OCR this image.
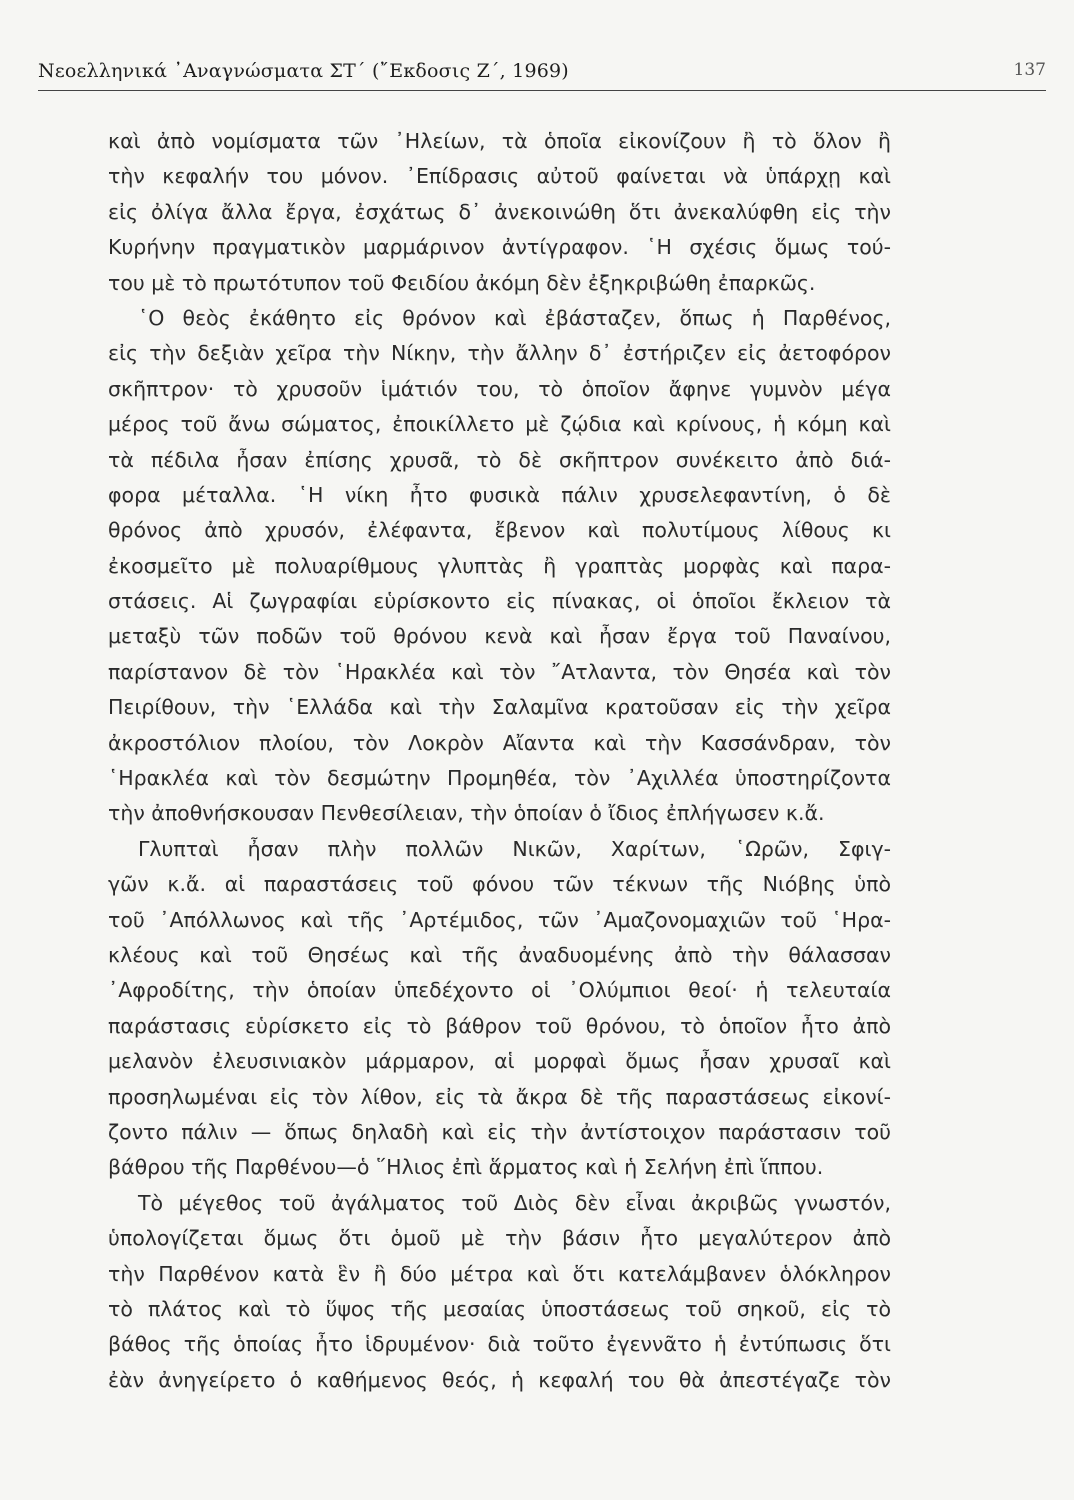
Νεοελληνικά ᾿Αναγνώσματα ΣΤ΄ (῎Εκδοσις Ζ΄, 1969)	137
καὶ ἀπὸ νομίσματα τῶν ᾿Ηλείων, τὰ ὁποῖα εἰκονίζουν ἢ τὸ ὅλον ἢ
τὴν κεφαλήν του μόνον. ᾿Επίδρασις αὐτοῦ φαίνεται νὰ ὑπάρχῃ καὶ
εἰς ὀλίγα ἄλλα ἔργα, ἐσχάτως δ᾿ ἀνεκοινώθη ὅτι ἀνεκαλύφθη εἰς τὴν
Κυρήνην πραγματικὸν μαρμάρινον ἀντίγραφον. ῾Η σχέσις ὅμως τού-
του μὲ τὸ πρωτότυπον τοῦ Φειδίου ἀκόμη δὲν ἐξηκριβώθη ἐπαρκῶς.
῾Ο θεὸς ἐκάθητο εἰς θρόνον καὶ ἐβάσταζεν, ὅπως ἡ Παρθένος,
εἰς τὴν δεξιὰν χεῖρα τὴν Νίκην, τὴν ἄλλην δ᾿ ἐστήριζεν εἰς ἀετοφόρον
σκῆπτρον· τὸ χρυσοῦν ἱμάτιόν του, τὸ ὁποῖον ἄφηνε γυμνὸν μέγα
μέρος τοῦ ἄνω σώματος, ἐποικίλλετο μὲ ζῴδια καὶ κρίνους, ἡ κόμη καὶ
τὰ πέδιλα ἦσαν ἐπίσης χρυσᾶ, τὸ δὲ σκῆπτρον συνέκειτο ἀπὸ διά-
φορα μέταλλα. ῾Η νίκη ἦτο φυσικὰ πάλιν χρυσελεφαντίνη, ὁ δὲ
θρόνος ἀπὸ χρυσόν, ἐλέφαντα, ἔβενον καὶ πολυτίμους λίθους κι
ἐκοσμεῖτο μὲ πολυαρίθμους γλυπτὰς ἢ γραπτὰς μορφὰς καὶ παρα-
στάσεις. Αἱ ζωγραφίαι εὑρίσκοντο εἰς πίνακας, οἱ ὁποῖοι ἔκλειον τὰ
μεταξὺ τῶν ποδῶν τοῦ θρόνου κενὰ καὶ ἦσαν ἔργα τοῦ Παναίνου,
παρίστανον δὲ τὸν ῾Ηρακλέα καὶ τὸν ῎Ατλαντα, τὸν Θησέα καὶ τὸν
Πειρίθουν, τὴν ῾Ελλάδα καὶ τὴν Σαλαμῖνα κρατοῦσαν εἰς τὴν χεῖρα
ἀκροστόλιον πλοίου, τὸν Λοκρὸν Αἴαντα καὶ τὴν Κασσάνδραν, τὸν
῾Ηρακλέα καὶ τὸν δεσμώτην Προμηθέα, τὸν ᾿Αχιλλέα ὑποστηρίζοντα
τὴν ἀποθνήσκουσαν Πενθεσίλειαν, τὴν ὁποίαν ὁ ἴδιος ἐπλήγωσεν κ.ἄ.
Γλυπταὶ ἦσαν πλὴν πολλῶν Νικῶν, Χαρίτων, ῾Ωρῶν, Σφιγ-
γῶν κ.ἄ. αἱ παραστάσεις τοῦ φόνου τῶν τέκνων τῆς Νιόβης ὑπὸ
τοῦ ᾿Απόλλωνος καὶ τῆς ᾿Αρτέμιδος, τῶν ᾿Αμαζονομαχιῶν τοῦ ῾Ηρα-
κλέους καὶ τοῦ Θησέως καὶ τῆς ἀναδυομένης ἀπὸ τὴν θάλασσαν
᾿Αφροδίτης, τὴν ὁποίαν ὑπεδέχοντο οἱ ᾿Ολύμπιοι θεοί· ἡ τελευταία
παράστασις εὑρίσκετο εἰς τὸ βάθρον τοῦ θρόνου, τὸ ὁποῖον ἦτο ἀπὸ
μελανὸν ἐλευσινιακὸν μάρμαρον, αἱ μορφαὶ ὅμως ἦσαν χρυσαῖ καὶ
προσηλωμέναι εἰς τὸν λίθον, εἰς τὰ ἄκρα δὲ τῆς παραστάσεως εἰκονί-
ζοντο πάλιν — ὅπως δηλαδὴ καὶ εἰς τὴν ἀντίστοιχον παράστασιν τοῦ
βάθρου τῆς Παρθένου—ὁ ῞Ηλιος ἐπὶ ἅρματος καὶ ἡ Σελήνη ἐπὶ ἵππου.
Τὸ μέγεθος τοῦ ἀγάλματος τοῦ Διὸς δὲν εἶναι ἀκριβῶς γνωστόν,
ὑπολογίζεται ὅμως ὅτι ὁμοῦ μὲ τὴν βάσιν ἦτο μεγαλύτερον ἀπὸ
τὴν Παρθένον κατὰ ἓν ἢ δύο μέτρα καὶ ὅτι κατελάμβανεν ὁλόκληρον
τὸ πλάτος καὶ τὸ ὕψος τῆς μεσαίας ὑποστάσεως τοῦ σηκοῦ, εἰς τὸ
βάθος τῆς ὁποίας ἦτο ἱδρυμένον· διὰ τοῦτο ἐγεννᾶτο ἡ ἐντύπωσις ὅτι
ἐὰν ἀνηγείρετο ὁ καθήμενος θεός, ἡ κεφαλή του θὰ ἀπεστέγαζε τὸν
